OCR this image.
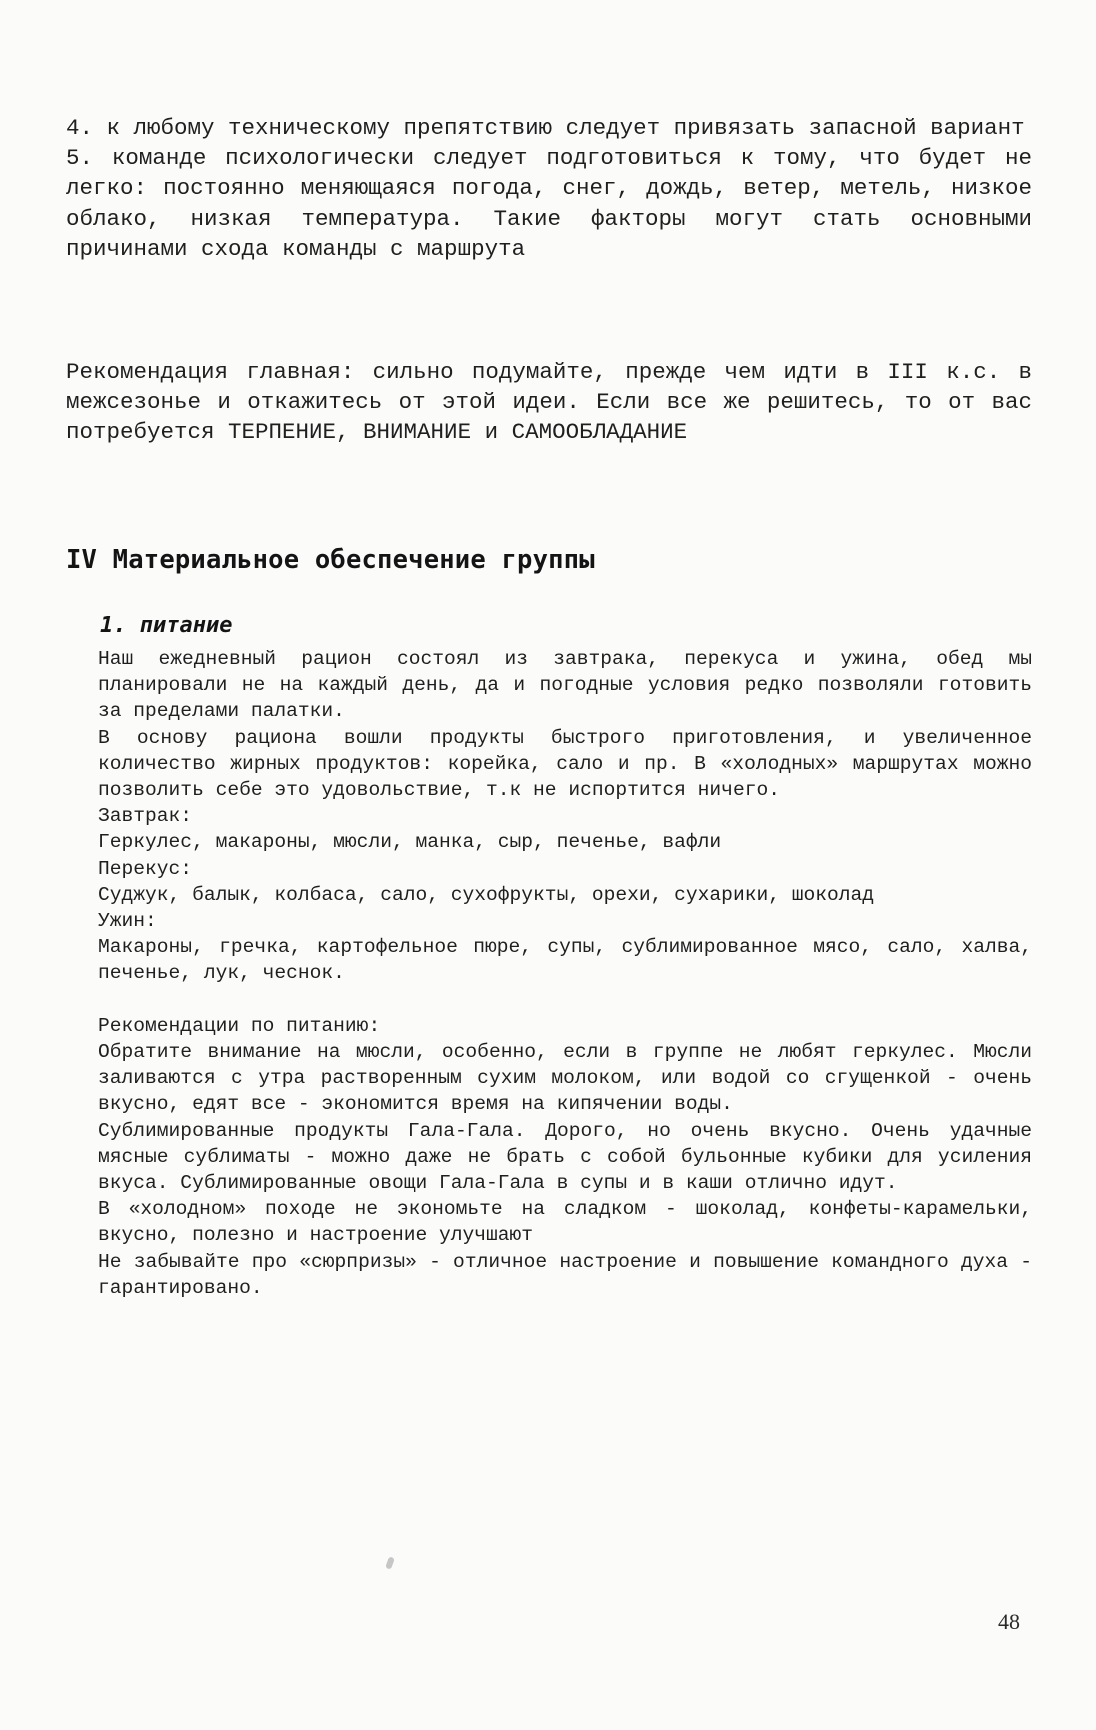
4. к любому техническому препятствию следует привязать запасной вариант

5. команде психологически следует подготовиться к тому, что будет не легко: постоянно меняющаяся погода, снег, дождь, ветер, метель, низкое облако, низкая температура. Такие факторы могут стать основными причинами схода команды с маршрута

Рекомендация главная: сильно подумайте, прежде чем идти в III к.с. в межсезонье и откажитесь от этой идеи. Если все же решитесь, то от вас потребуется ТЕРПЕНИЕ, ВНИМАНИЕ и САМООБЛАДАНИЕ

IV Материальное обеспечение группы
1. питание

Наш ежедневный рацион состоял из завтрака, перекуса и ужина, обед мы планировали не на каждый день, да и погодные условия редко позволяли готовить за пределами палатки.

В основу рациона вошли продукты быстрого приготовления, и увеличенное количество жирных продуктов: корейка, сало и пр. В «холодных» маршрутах можно позволить себе это удовольствие, т.к не испортится ничего.

Завтрак:

Геркулес, макароны, мюсли, манка, сыр, печенье, вафли

Перекус:

Суджук, балык, колбаса, сало, сухофрукты, орехи, сухарики, шоколад

Ужин:

Макароны, гречка, картофельное пюре, супы, сублимированное мясо, сало, халва, печенье, лук, чеснок.

Рекомендации по питанию:

Обратите внимание на мюсли, особенно, если в группе не любят геркулес. Мюсли заливаются с утра растворенным сухим молоком, или водой со сгущенкой - очень вкусно, едят все - экономится время на кипячении воды.

Сублимированные продукты Гала-Гала. Дорого, но очень вкусно. Очень удачные мясные сублиматы - можно даже не брать с собой бульонные кубики для усиления вкуса. Сублимированные овощи Гала-Гала в супы и в каши отлично идут.

В «холодном» походе не экономьте на сладком - шоколад, конфеты-карамельки, вкусно, полезно и настроение улучшают

Не забывайте про «сюрпризы» - отличное настроение и повышение командного духа - гарантировано.

48
